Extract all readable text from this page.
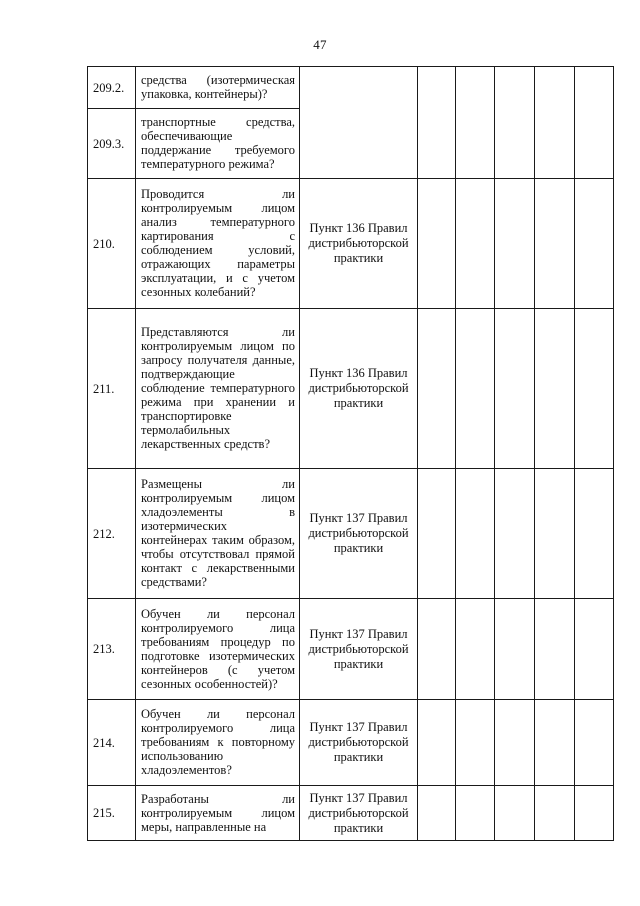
47
209.2.	средства (изотермическая упаковка, контейнеры)?						

209.3.	транспортные средства, обеспечивающие поддержание требуемого температурного режима?						

210.	Проводится ли контролируемым лицом анализ температурного картирования с соблюдением условий, отражающих параметры эксплуатации, и с учетом сезонных колебаний?	Пункт 136 Правил дистрибьюторской практики					

211.	Представляются ли контролируемым лицом по запросу получателя данные, подтверждающие соблюдение температурного режима при хранении и транспортировке термолабильных лекарственных средств?	Пункт 136 Правил дистрибьюторской практики					

212.	Размещены ли контролируемым лицом хладоэлементы в изотермических контейнерах таким образом, чтобы отсутствовал прямой контакт с лекарственными средствами?	Пункт 137 Правил дистрибьюторской практики					

213.	Обучен ли персонал контролируемого лица требованиям процедур по подготовке изотермических контейнеров (с учетом сезонных особенностей)?	Пункт 137 Правил дистрибьюторской практики					

214.	Обучен ли персонал контролируемого лица требованиям к повторному использованию хладоэлементов?	Пункт 137 Правил дистрибьюторской практики					

215.	Разработаны ли контролируемым лицом меры, направленные на	Пункт 137 Правил дистрибьюторской практики					
